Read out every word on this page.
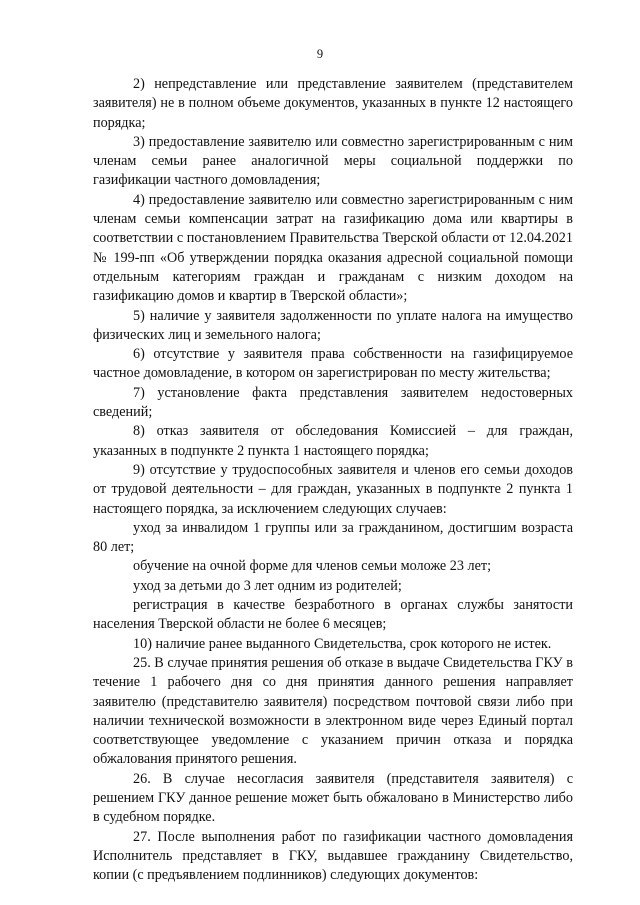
9

2) непредставление или представление заявителем (представителем заявителя) не в полном объеме документов, указанных в пункте 12 настоящего порядка;

3) предоставление заявителю или совместно зарегистрированным с ним членам семьи ранее аналогичной меры социальной поддержки по газификации частного домовладения;

4) предоставление заявителю или совместно зарегистрированным с ним членам семьи компенсации затрат на газификацию дома или квартиры в соответствии с постановлением Правительства Тверской области от 12.04.2021 № 199-пп «Об утверждении порядка оказания адресной социальной помощи отдельным категориям граждан и гражданам с низким доходом на газификацию домов и квартир в Тверской области»;

5) наличие у заявителя задолженности по уплате налога на имущество физических лиц и земельного налога;

6) отсутствие у заявителя права собственности на газифицируемое частное домовладение, в котором он зарегистрирован по месту жительства;

7) установление факта представления заявителем недостоверных сведений;

8) отказ заявителя от обследования Комиссией – для граждан, указанных в подпункте 2 пункта 1 настоящего порядка;

9) отсутствие у трудоспособных заявителя и членов его семьи доходов от трудовой деятельности – для граждан, указанных в подпункте 2 пункта 1 настоящего порядка, за исключением следующих случаев:

уход за инвалидом 1 группы или за гражданином, достигшим возраста 80 лет;

обучение на очной форме для членов семьи моложе 23 лет;

уход за детьми до 3 лет одним из родителей;

регистрация в качестве безработного в органах службы занятости населения Тверской области не более 6 месяцев;

10) наличие ранее выданного Свидетельства, срок которого не истек.

25. В случае принятия решения об отказе в выдаче Свидетельства ГКУ в течение 1 рабочего дня со дня принятия данного решения направляет заявителю (представителю заявителя) посредством почтовой связи либо при наличии технической возможности в электронном виде через Единый портал соответствующее уведомление с указанием причин отказа и порядка обжалования принятого решения.

26. В случае несогласия заявителя (представителя заявителя) с решением ГКУ данное решение может быть обжаловано в Министерство либо в судебном порядке.

27. После выполнения работ по газификации частного домовладения Исполнитель представляет в ГКУ, выдавшее гражданину Свидетельство, копии (с предъявлением подлинников) следующих документов:
